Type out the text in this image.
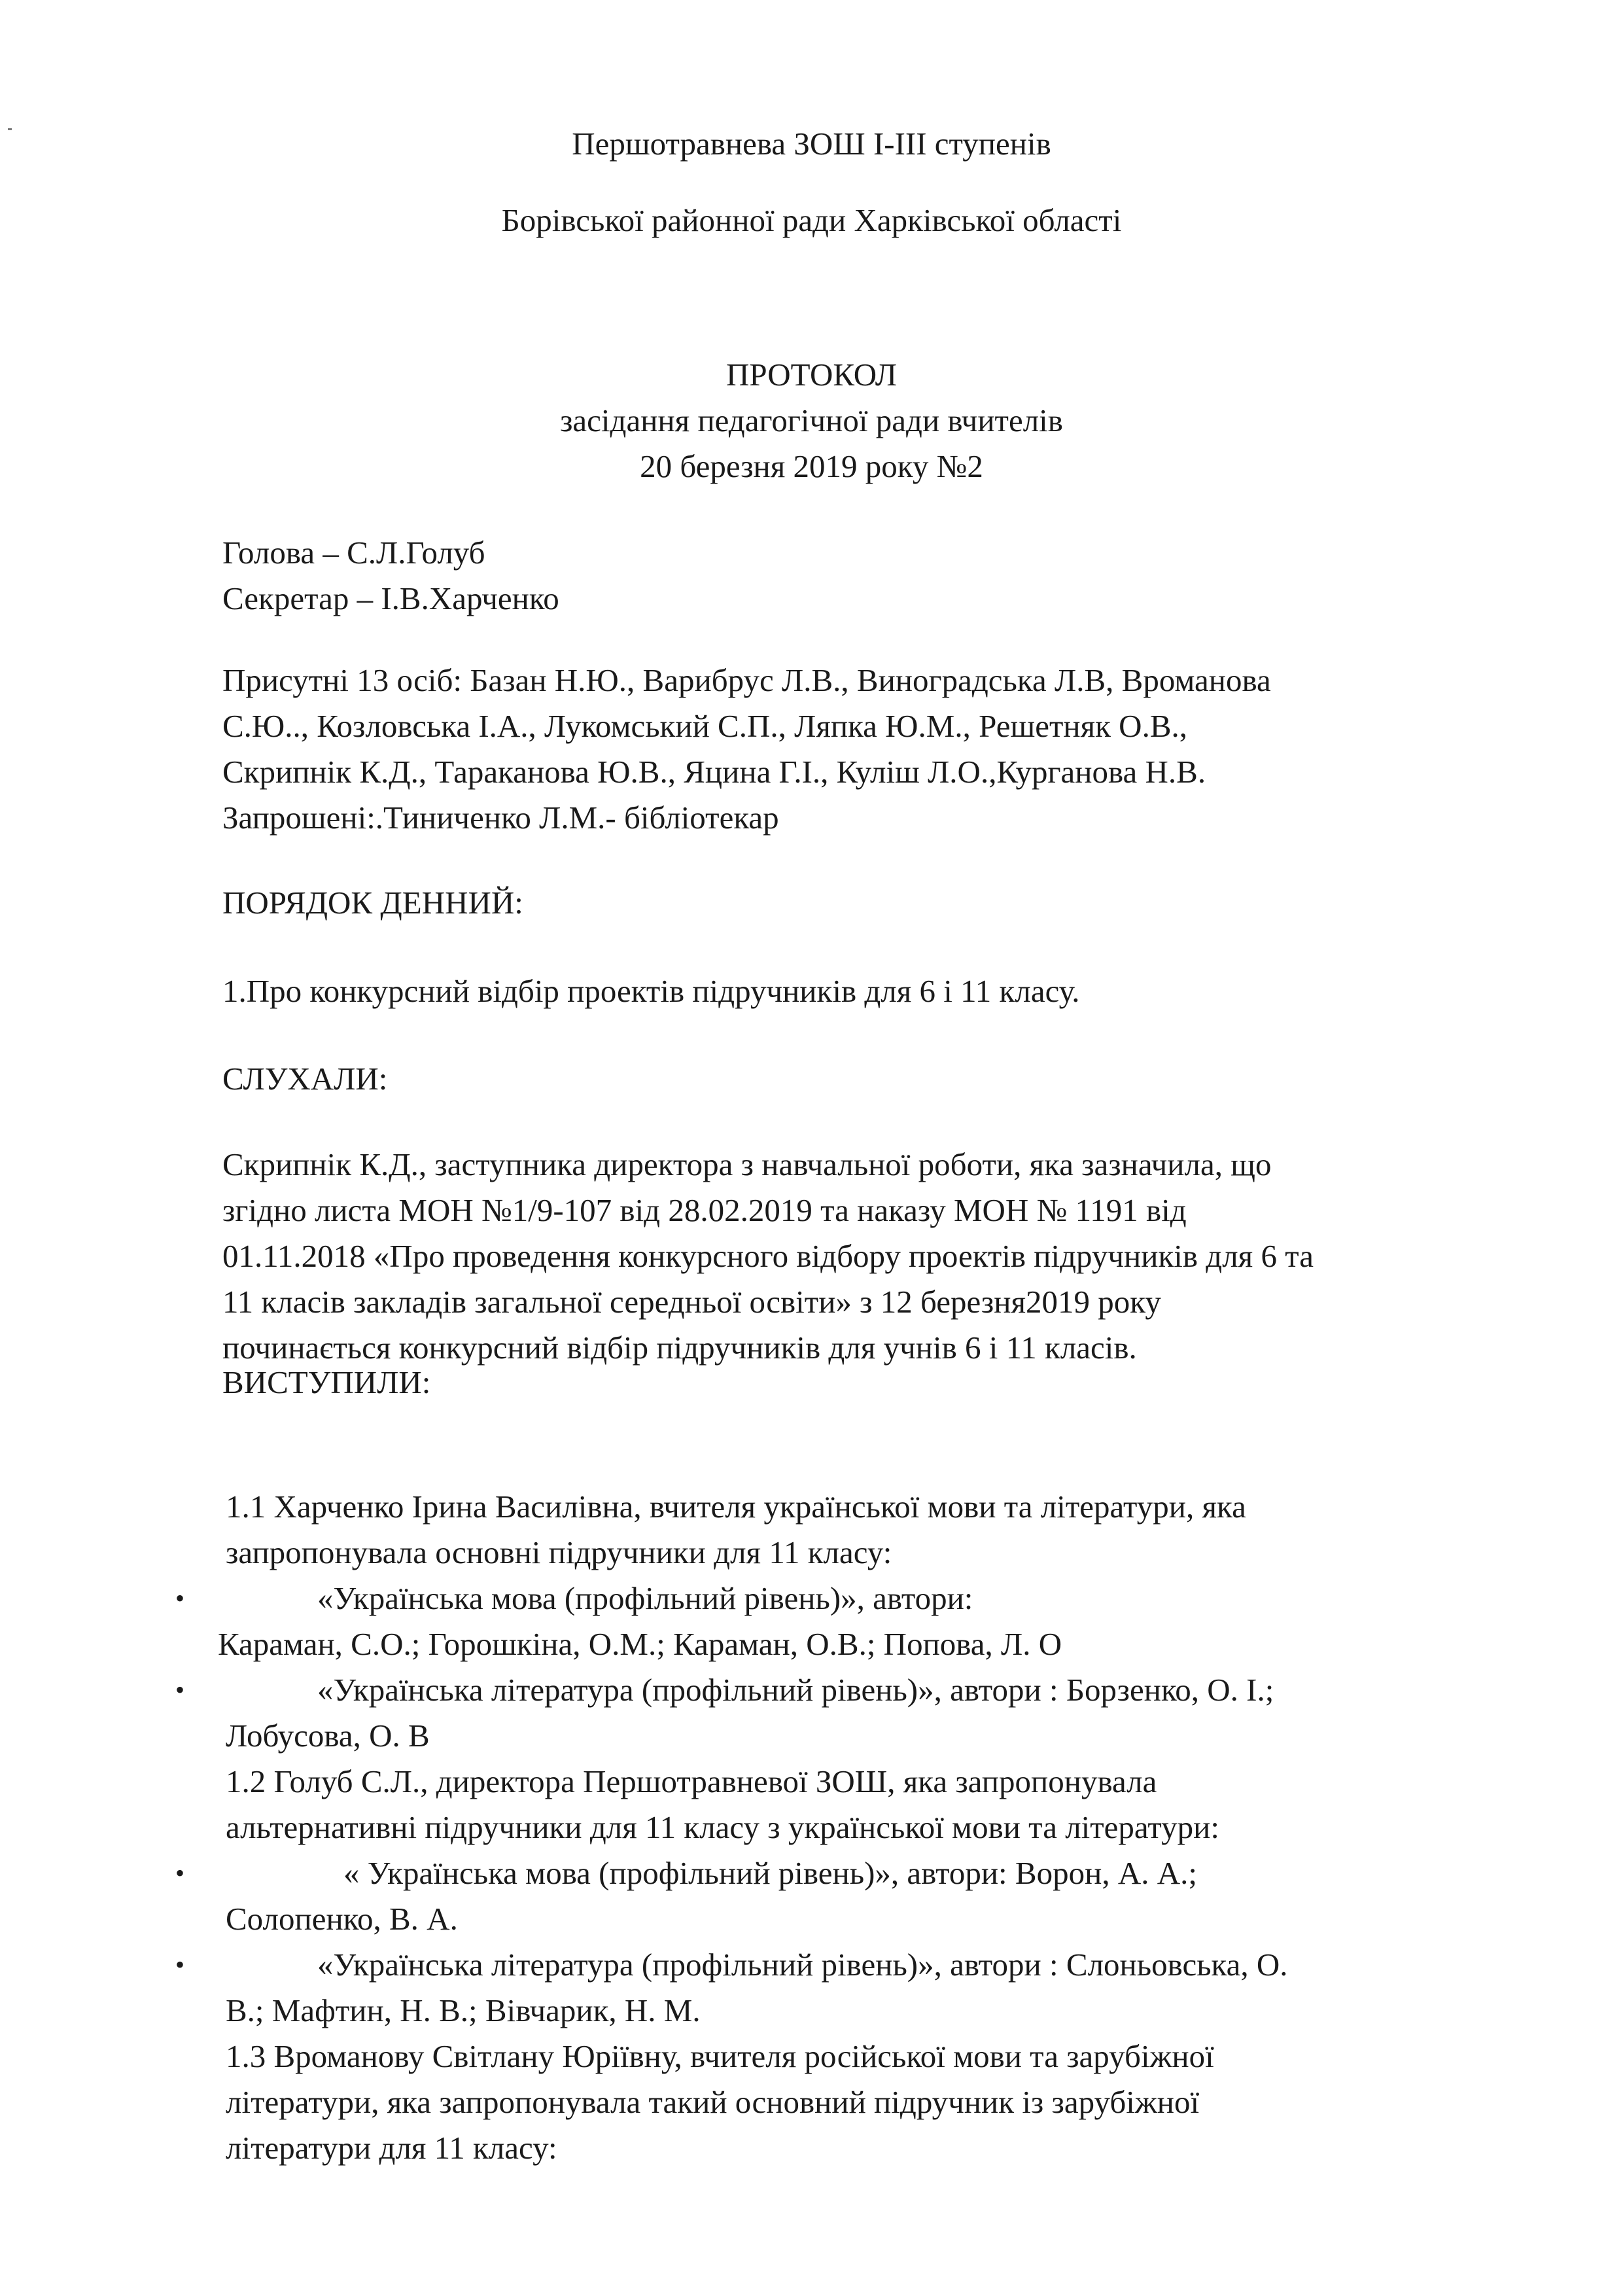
Першотравнева ЗОШ І-ІІІ ступенів
Борівської районної ради Харківської області
ПРОТОКОЛ
засідання педагогічної ради вчителів
20 березня 2019 року №2
Голова – С.Л.Голуб
Секретар – І.В.Харченко
Присутні 13 осіб: Базан Н.Ю., Варибрус Л.В., Виноградська Л.В, Вроманова
С.Ю.., Козловська І.А., Лукомський С.П., Ляпка Ю.М., Решетняк О.В.,
Скрипнік К.Д., Тараканова Ю.В., Яцина Г.І., Куліш Л.О.,Курганова Н.В.
Запрошені:.Тиниченко Л.М.- бібліотекар
ПОРЯДОК ДЕННИЙ:
1.Про конкурсний відбір проектів підручників для 6 і 11 класу.
СЛУХАЛИ:
Скрипнік К.Д., заступника директора з навчальної роботи, яка зазначила, що
згідно листа МОН №1/9-107 від 28.02.2019 та наказу МОН № 1191 від
01.11.2018 «Про проведення конкурсного відбору проектів підручників для 6 та
11 класів закладів загальної середньої освіти» з 12 березня2019 року
починається конкурсний відбір підручників для учнів 6 і 11 класів.
ВИСТУПИЛИ:
1.1 Харченко Ірина Василівна, вчителя української мови та літератури, яка
запропонувала основні підручники для 11 класу:
•	«Українська мова (профільний рівень)», автори:
Караман, С.О.; Горошкіна, О.М.; Караман, О.В.; Попова, Л. О
•	«Українська література (профільний рівень)», автори : Борзенко, О. І.;
Лобусова, О. В
1.2 Голуб С.Л., директора Першотравневої ЗОШ, яка запропонувала
альтернативні підручники для 11 класу з української мови та літератури:
•	« Українська мова (профільний рівень)», автори: Ворон, А. А.;
Солопенко, В. А.
•	«Українська література (профільний рівень)», автори : Слоньовська, О.
В.; Мафтин, Н. В.; Вівчарик, Н. М.
1.3 Вроманову Світлану Юріївну, вчителя російської мови та зарубіжної
літератури, яка запропонувала такий основний підручник із зарубіжної
літератури для 11 класу:
